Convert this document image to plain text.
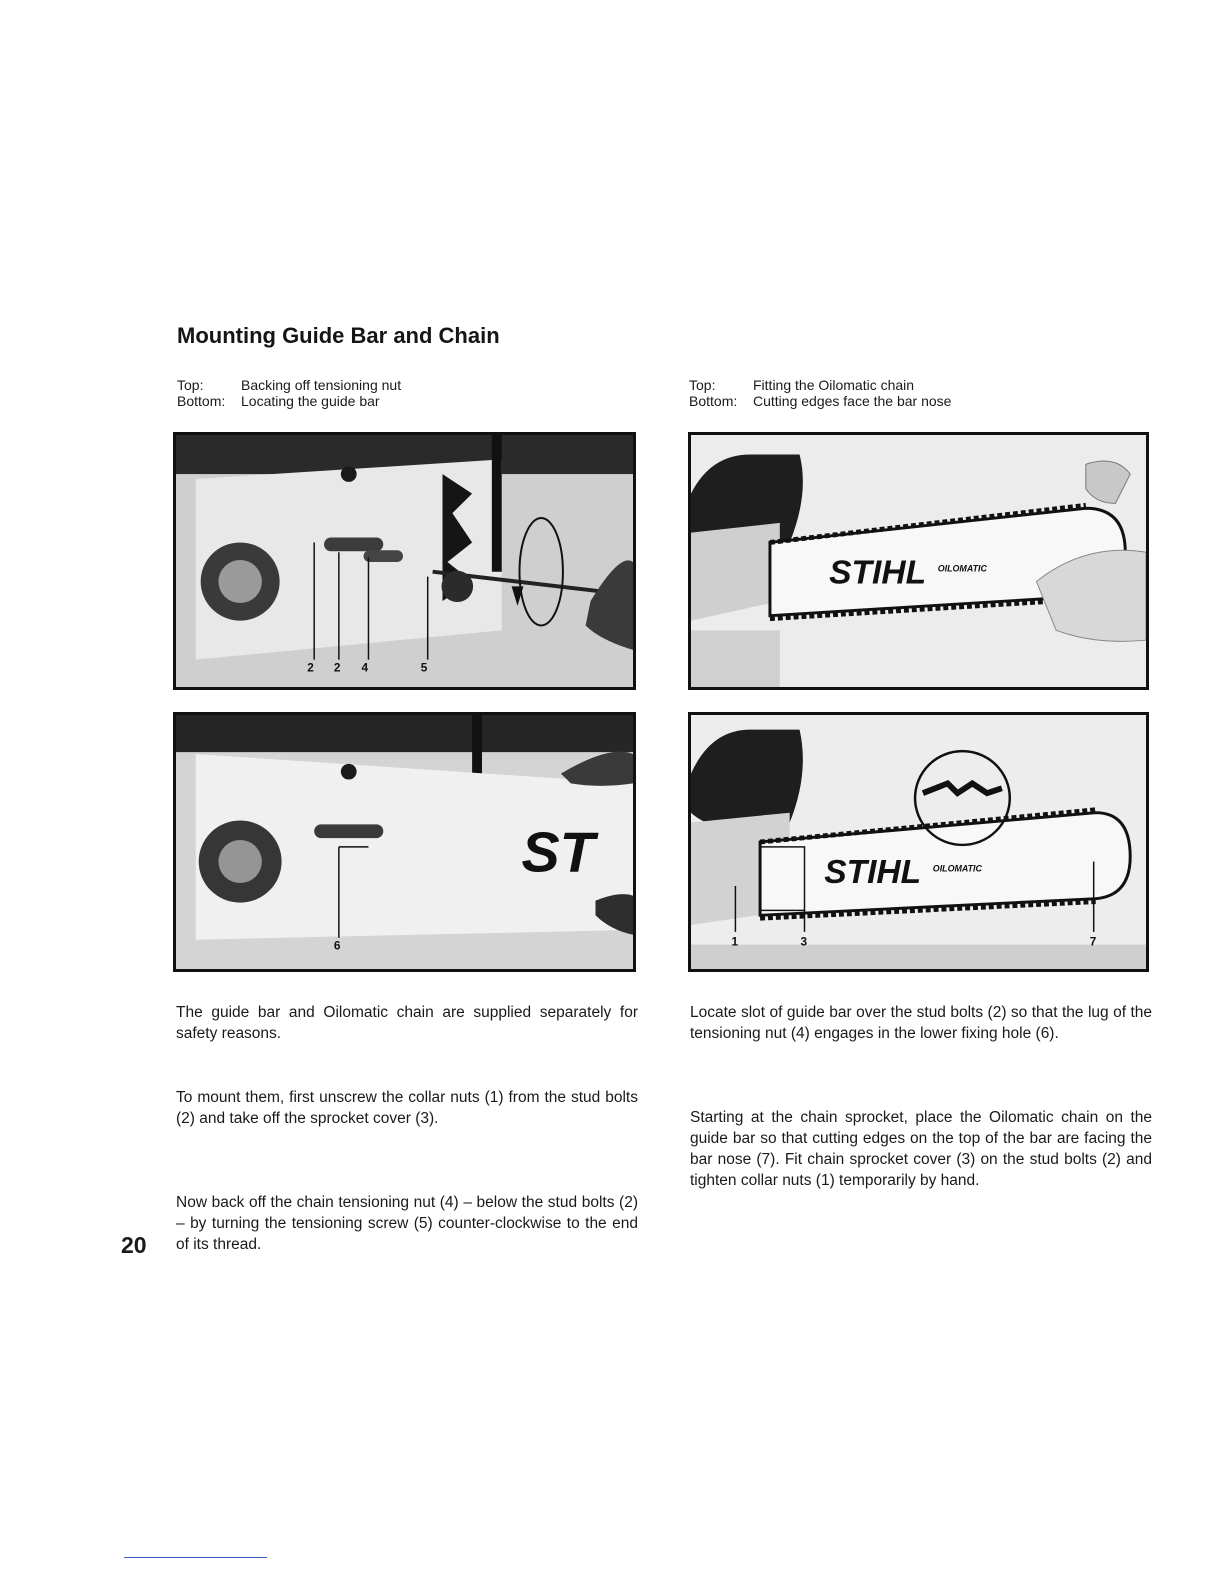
Mounting Guide Bar and Chain
Top:	Backing off tensioning nut
Bottom:	Locating the guide bar
Top:	Fitting the Oilomatic chain
Bottom:	Cutting edges face the bar nose
2 2 4	5
ST
6
STIHL OILOMATIC
STIHL OILOMATIC
1	3	7

The guide bar and Oilomatic chain are supplied separately for safety reasons.

To mount them, first unscrew the collar nuts (1) from the stud bolts (2) and take off the sprocket cover (3).

Now back off the chain tensioning nut (4) – below the stud bolts (2) – by turning the tensioning screw (5) counter-clockwise to the end of its thread.

Locate slot of guide bar over the stud bolts (2) so that the lug of the tensioning nut (4) engages in the lower fixing hole (6).

Starting at the chain sprocket, place the Oilomatic chain on the guide bar so that cutting edges on the top of the bar are facing the bar nose (7). Fit chain sprocket cover (3) on the stud bolts (2) and tighten collar nuts (1) temporarily by hand.

20
